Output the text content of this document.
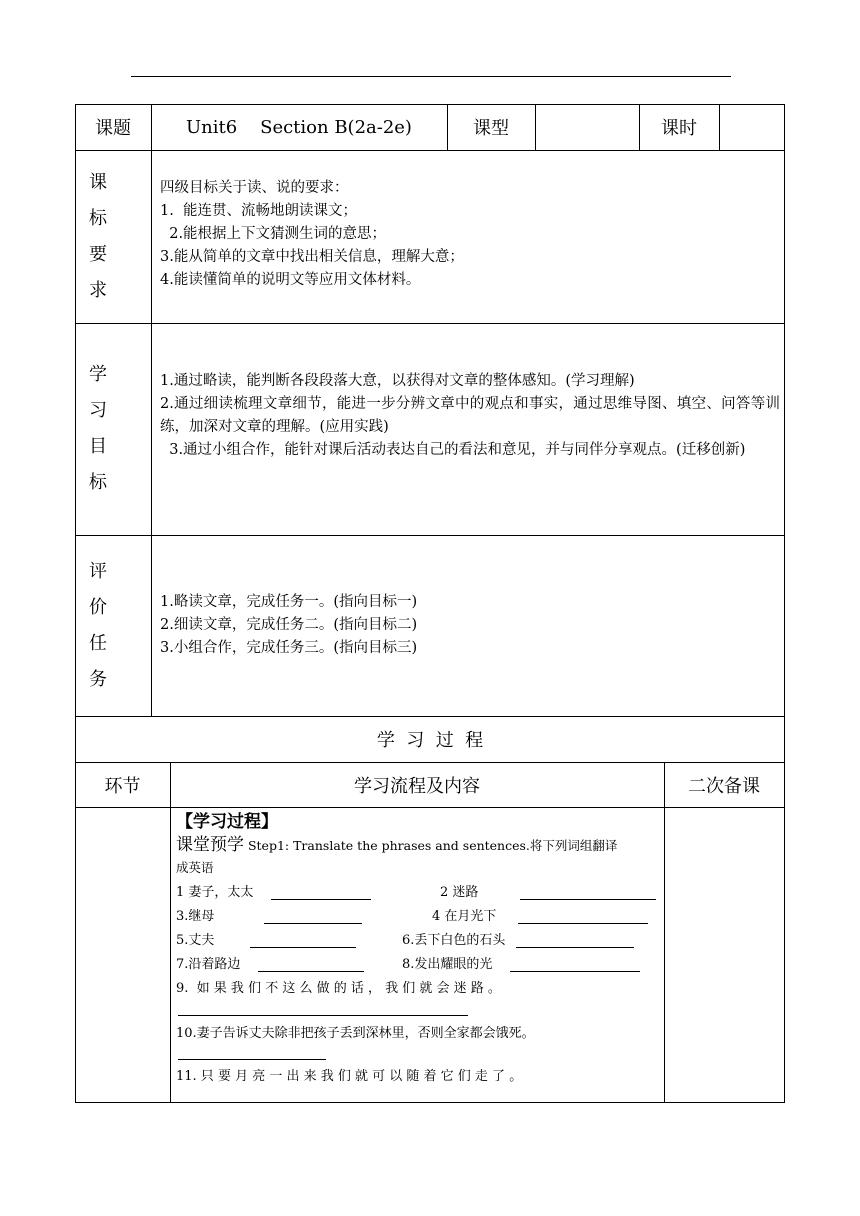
课题	Unit6    Section B(2a-2e)	课型	课时
课 标
要 求
四级目标关于读、说的要求：
1.  能连贯、流畅地朗读课文；
2.能根据上下文猜测生词的意思；
3.能从简单的文章中找出相关信息，理解大意；
4.能读懂简单的说明文等应用文体材料。
学 习
目 标
1.通过略读，能判断各段段落大意，以获得对文章的整体感知。(学习理解)
2.通过细读梳理文章细节，能进一步分辨文章中的观点和事实，通过思维导图、填空、问答等训练，加深对文章的理解。(应用实践)
3.通过小组合作，能针对课后活动表达自己的看法和意见，并与同伴分享观点。(迁移创新)
评 价
任 务
1.略读文章，完成任务一。(指向目标一)
2.细读文章，完成任务二。(指向目标二)
3.小组合作，完成任务三。(指向目标三)
学  习  过  程
环节	学习流程及内容	二次备课
【学习过程】
课堂预学 Step1: Translate the phrases and sentences.将下列词组翻译
成英语
1 妻子，太太	2 迷路
3.继母	4 在月光下
5.丈夫	6.丢下白色的石头
7.沿着路边	8.发出耀眼的光
9.  如 果 我 们 不 这 么 做 的 话 ， 我 们 就 会 迷 路 。
10.妻子告诉丈夫除非把孩子丢到深林里，否则全家都会饿死。
11. 只 要 月 亮 一 出 来 我 们 就 可 以 随 着 它 们 走 了 。
